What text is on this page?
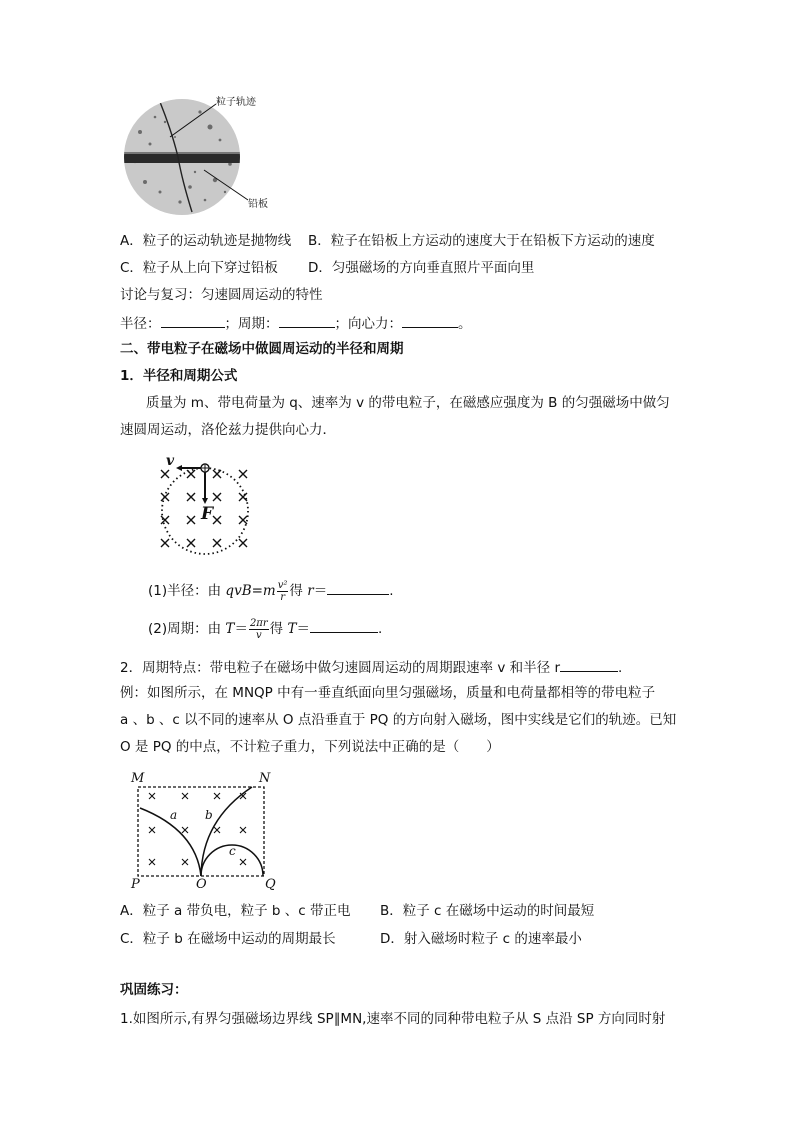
粒子轨迹
铅板
A．粒子的运动轨迹是抛物线 B．粒子在铅板上方运动的速度大于在铅板下方运动的速度
C．粒子从上向下穿过铅板 D．匀强磁场的方向垂直照片平面向里
讨论与复习：匀速圆周运动的特性
半径：	；周期：	；向心力：	。
二、带电粒子在磁场中做圆周运动的半径和周期
1．半径和周期公式
质量为 m、带电荷量为 q、速率为 v 的带电粒子，在磁感应强度为 B 的匀强磁场中做匀
速圆周运动，洛伦兹力提供向心力．
v
F
(1)半径：由 $qvB=m \frac{\text{v²}}{r}$ 得 r＝	.
(2)周期：由 $T= \frac{2\pi r}{v}$ 得 T＝	.
2．周期特点：带电粒子在磁场中做匀速圆周运动的周期跟速率 v 和半径 r	.
例：如图所示，在 MNQP 中有一垂直纸面向里匀强磁场，质量和电荷量都相等的带电粒子
a 、b 、c 以不同的速率从 O 点沿垂直于 PQ 的方向射入磁场，图中实线是它们的轨迹。已知
O 是 PQ 的中点，不计粒子重力，下列说法中正确的是（　　）
M	N
P	O	Q
a b
c
A．粒子 a 带负电，粒子 b 、c 带正电 B．粒子 c 在磁场中运动的时间最短
C．粒子 b 在磁场中运动的周期最长	D．射入磁场时粒子 c 的速率最小
巩固练习：
1.如图所示,有界匀强磁场边界线 SP∥MN,速率不同的同种带电粒子从 S 点沿 SP 方向同时射
